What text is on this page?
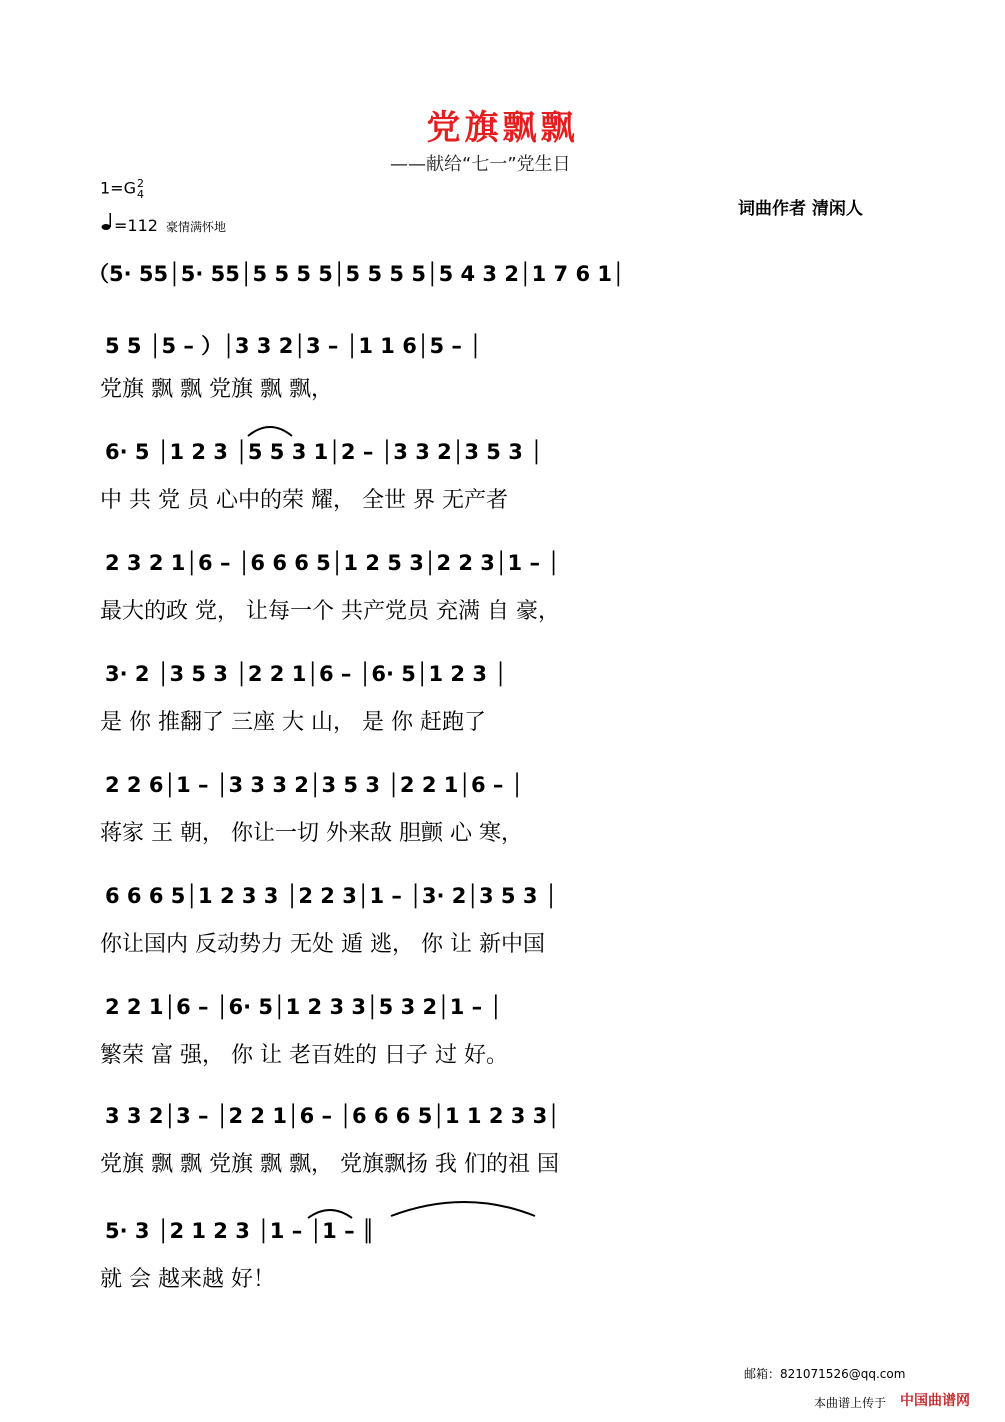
党旗飘飘
——献给“七一”党生日
1=G2
4
=112 豪情满怀地
词曲作者 清闲人
（5· 55│5· 55│5 5 5 5│5 5 5 5│5 4 3 2│1 7 6 1│
5 5 │5 – ）│3 3 2│3 – │1 1 6│5 – │
党旗 飘 飘 党旗 飘 飘，
6· 5 │1 2 3 │5 5 3 1│2 – │3 3 2│3 5 3 │
中 共 党 员 心中的荣 耀， 全世 界 无产者
2 3 2 1│6 – │6 6 6 5│1 2 5 3│2 2 3│1 – │
最大的政 党， 让每一个 共产党员 充满 自 豪，
3· 2 │3 5 3 │2 2 1│6 – │6· 5│1 2 3 │
是 你 推翻了 三座 大 山， 是 你 赶跑了
2 2 6│1 – │3 3 3 2│3 5 3 │2 2 1│6 – │
蒋家 王 朝， 你让一切 外来敌 胆颤 心 寒，
6 6 6 5│1 2 3 3 │2 2 3│1 – │3· 2│3 5 3 │
你让国内 反动势力 无处 遁 逃， 你 让 新中国
2 2 1│6 – │6· 5│1 2 3 3│5 3 2│1 – │
繁荣 富 强， 你 让 老百姓的 日子 过 好。
3 3 2│3 – │2 2 1│6 – │6 6 6 5│1 1 2 3 3│
党旗 飘 飘 党旗 飘 飘， 党旗飘扬 我 们的祖 国
5· 3 │2 1 2 3 │1 – │1 – ║
就 会 越来越 好！
邮箱：821071526@qq.com
本曲谱上传于 中国曲谱网
